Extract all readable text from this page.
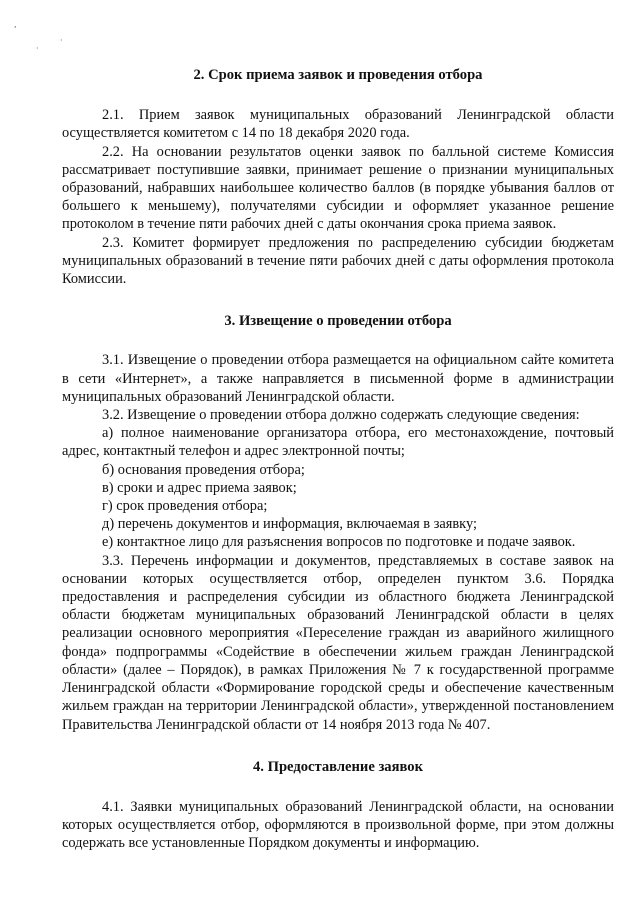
,
·
·
2. Срок приема заявок и проведения отбора

2.1. Прием заявок муниципальных образований Ленинградской области осуществляется комитетом с 14 по 18 декабря 2020 года.

2.2. На основании результатов оценки заявок по балльной системе Комиссия рассматривает поступившие заявки, принимает решение о признании муниципальных образований, набравших наибольшее количество баллов (в порядке убывания баллов от большего к меньшему), получателями субсидии и оформляет указанное решение протоколом в течение пяти рабочих дней с даты окончания срока приема заявок.

2.3. Комитет формирует предложения по распределению субсидии бюджетам муниципальных образований в течение пяти рабочих дней с даты оформления протокола Комиссии.

3. Извещение о проведении отбора

3.1. Извещение о проведении отбора размещается на официальном сайте комитета в сети «Интернет», а также направляется в письменной форме в администрации муниципальных образований Ленинградской области.

3.2. Извещение о проведении отбора должно содержать следующие сведения:

а) полное наименование организатора отбора, его местонахождение, почтовый адрес, контактный телефон и адрес электронной почты;

б) основания проведения отбора;

в) сроки и адрес приема заявок;

г) срок проведения отбора;

д) перечень документов и информация, включаемая в заявку;

е) контактное лицо для разъяснения вопросов по подготовке и подаче заявок.

3.3. Перечень информации и документов, представляемых в составе заявок на основании которых осуществляется отбор, определен пунктом 3.6. Порядка предоставления и распределения субсидии из областного бюджета Ленинградской области бюджетам муниципальных образований Ленинградской области в целях реализации основного мероприятия «Переселение граждан из аварийного жилищного фонда» подпрограммы «Содействие в обеспечении жильем граждан Ленинградской области» (далее – Порядок), в рамках Приложения № 7 к государственной программе Ленинградской области «Формирование городской среды и обеспечение качественным жильем граждан на территории Ленинградской области», утвержденной постановлением Правительства Ленинградской области от 14 ноября 2013 года № 407.

4. Предоставление заявок

4.1. Заявки муниципальных образований Ленинградской области, на основании которых осуществляется отбор, оформляются в произвольной форме, при этом должны содержать все установленные Порядком документы и информацию.
